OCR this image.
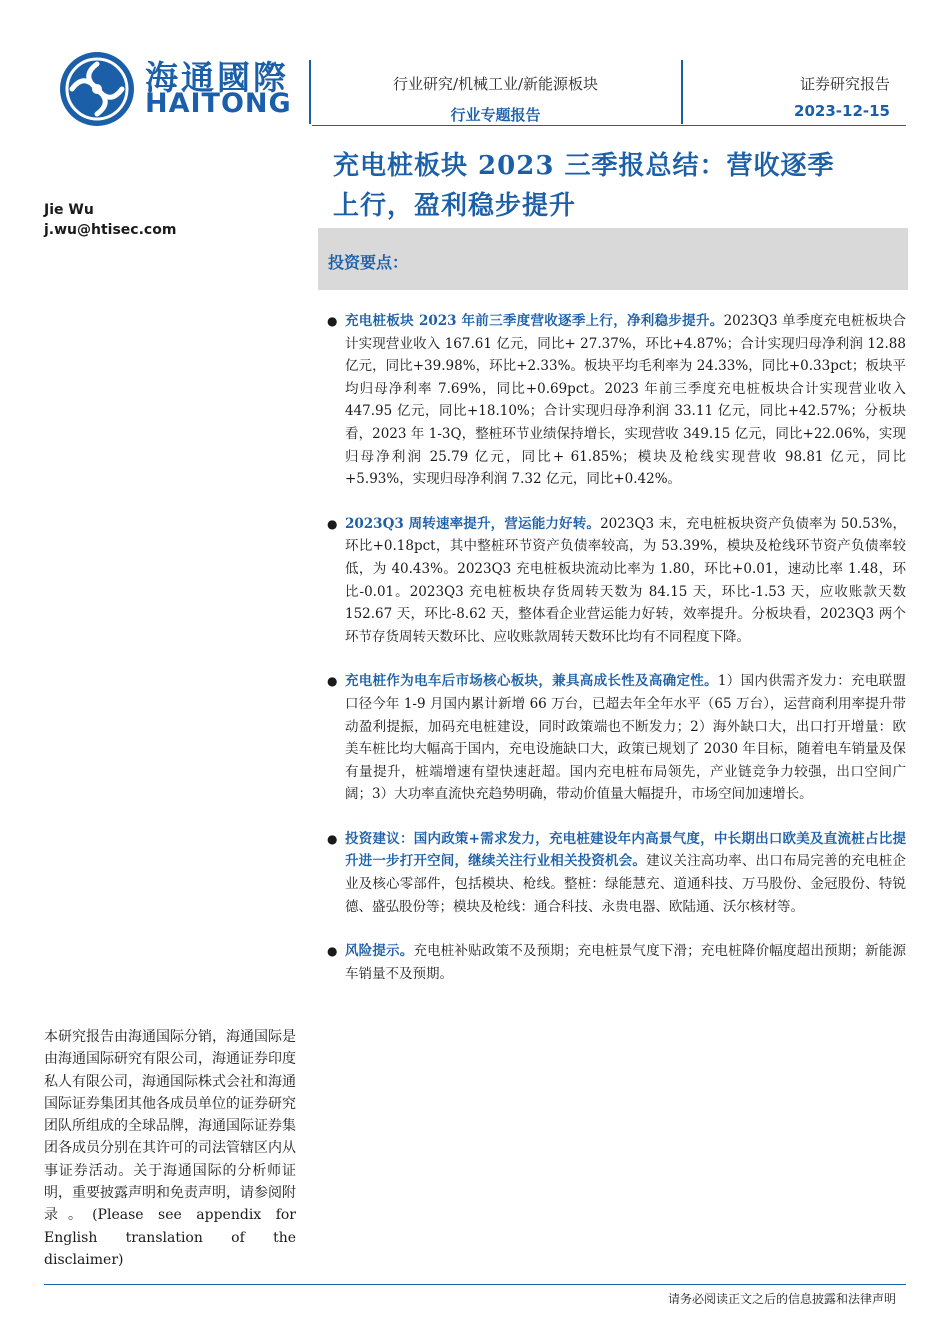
海通國際
HAITONG
行业研究/机械工业/新能源板块
行业专题报告
证券研究报告
2023-12-15
充电桩板块 2023 三季报总结：营收逐季
上行，盈利稳步提升
Jie Wu
j.wu@htisec.com
投资要点：
● 充电桩板块 2023 年前三季度营收逐季上行，净利稳步提升。2023Q3 单季度充电桩板块合计实现营业收入 167.61 亿元，同比+ 27.37%，环比+4.87%；合计实现归母净利润 12.88 亿元，同比+39.98%，环比+2.33%。板块平均毛利率为 24.33%，同比+0.33pct；板块平均归母净利率 7.69%，同比+0.69pct。2023 年前三季度充电桩板块合计实现营业收入 447.95 亿元，同比+18.10%；合计实现归母净利润 33.11 亿元，同比+42.57%；分板块看，2023 年 1-3Q，整桩环节业绩保持增长，实现营收 349.15 亿元，同比+22.06%，实现归母净利润 25.79 亿元，同比+ 61.85%；模块及枪线实现营收 98.81 亿元，同比+5.93%，实现归母净利润 7.32 亿元，同比+0.42%。
● 2023Q3 周转速率提升，营运能力好转。2023Q3 末，充电桩板块资产负债率为 50.53%，环比+0.18pct，其中整桩环节资产负债率较高，为 53.39%，模块及枪线环节资产负债率较低，为 40.43%。2023Q3 充电桩板块流动比率为 1.80，环比+0.01，速动比率 1.48，环比-0.01。2023Q3 充电桩板块存货周转天数为 84.15 天，环比-1.53 天，应收账款天数 152.67 天，环比-8.62 天，整体看企业营运能力好转，效率提升。分板块看，2023Q3 两个环节存货周转天数环比、应收账款周转天数环比均有不同程度下降。
● 充电桩作为电车后市场核心板块，兼具高成长性及高确定性。1）国内供需齐发力：充电联盟口径今年 1-9 月国内累计新增 66 万台，已超去年全年水平（65 万台），运营商利用率提升带动盈利提振，加码充电桩建设，同时政策端也不断发力；2）海外缺口大，出口打开增量：欧美车桩比均大幅高于国内，充电设施缺口大，政策已规划了 2030 年目标，随着电车销量及保有量提升，桩端增速有望快速赶超。国内充电桩布局领先，产业链竞争力较强，出口空间广阔；3）大功率直流快充趋势明确，带动价值量大幅提升，市场空间加速增长。
● 投资建议：国内政策+需求发力，充电桩建设年内高景气度，中长期出口欧美及直流桩占比提升进一步打开空间，继续关注行业相关投资机会。建议关注高功率、出口布局完善的充电桩企业及核心零部件，包括模块、枪线。整桩：绿能慧充、道通科技、万马股份、金冠股份、特锐德、盛弘股份等；模块及枪线：通合科技、永贵电器、欧陆通、沃尔核材等。
● 风险提示。充电桩补贴政策不及预期；充电桩景气度下滑；充电桩降价幅度超出预期；新能源车销量不及预期。
本研究报告由海通国际分销，海通国际是由海通国际研究有限公司，海通证券印度私人有限公司，海通国际株式会社和海通国际证券集团其他各成员单位的证券研究团队所组成的全球品牌，海通国际证券集团各成员分别在其许可的司法管辖区内从事证券活动。关于海通国际的分析师证明，重要披露声明和免责声明，请参阅附录。(Please see appendix for English translation of the disclaimer)
请务必阅读正文之后的信息披露和法律声明
